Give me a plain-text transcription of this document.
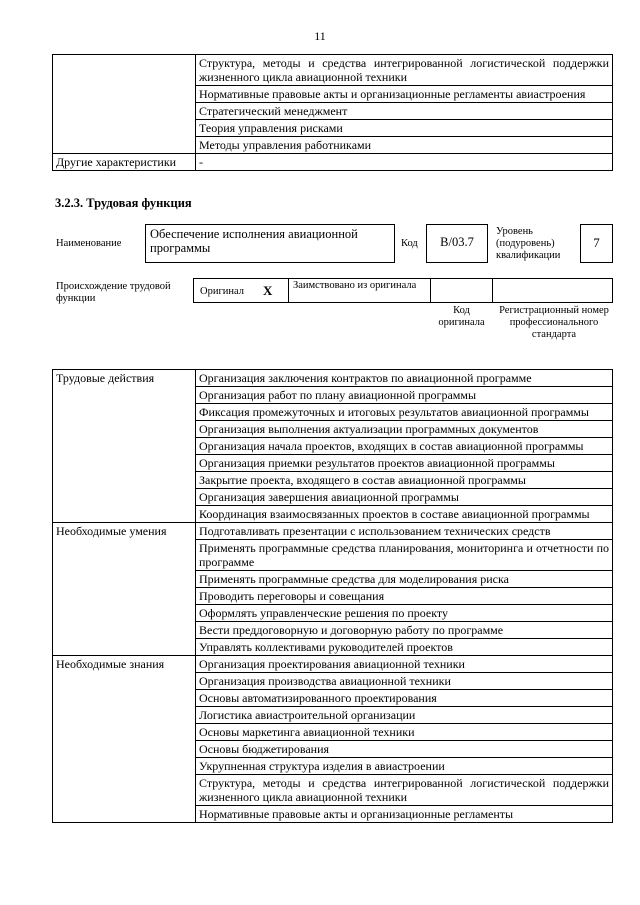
11
	Структура, методы и средства интегрированной логистической поддержки жизненного цикла авиационной техники
	Нормативные правовые акты и организационные регламенты авиастроения
	Стратегический менеджмент
	Теория управления рисками
	Методы управления работниками
Другие характеристики	-
3.2.3. Трудовая функция
Наименование
Обеспечение исполнения авиационной программы	Код	B/03.7
Уровень (подуровень) квалификации
7
Происхождение трудовой функции
Оригинал X	Заимствовано из оригинала
Код оригинала
Регистрационный номер профессионального стандарта
Трудовые действия	Организация заключения контрактов по авиационной программе
	Организация работ по плану авиационной программы
	Фиксация промежуточных и итоговых результатов авиационной программы
	Организация выполнения актуализации программных документов
	Организация начала проектов, входящих в состав авиационной программы
	Организация приемки результатов проектов авиационной программы
	Закрытие проекта, входящего в состав авиационной программы
	Организация завершения авиационной программы
	Координация взаимосвязанных проектов в составе авиационной программы
Необходимые умения	Подготавливать презентации с использованием технических средств
	Применять программные средства планирования, мониторинга и отчетности по программе
	Применять программные средства для моделирования риска
	Проводить переговоры и совещания
	Оформлять управленческие решения по проекту
	Вести преддоговорную и договорную работу по программе
	Управлять коллективами руководителей проектов
Необходимые знания	Организация проектирования авиационной техники
	Организация производства авиационной техники
	Основы автоматизированного проектирования
	Логистика авиастроительной организации
	Основы маркетинга авиационной техники
	Основы бюджетирования
	Укрупненная структура изделия в авиастроении
	Структура, методы и средства интегрированной логистической поддержки жизненного цикла авиационной техники
	Нормативные правовые акты и организационные регламенты
